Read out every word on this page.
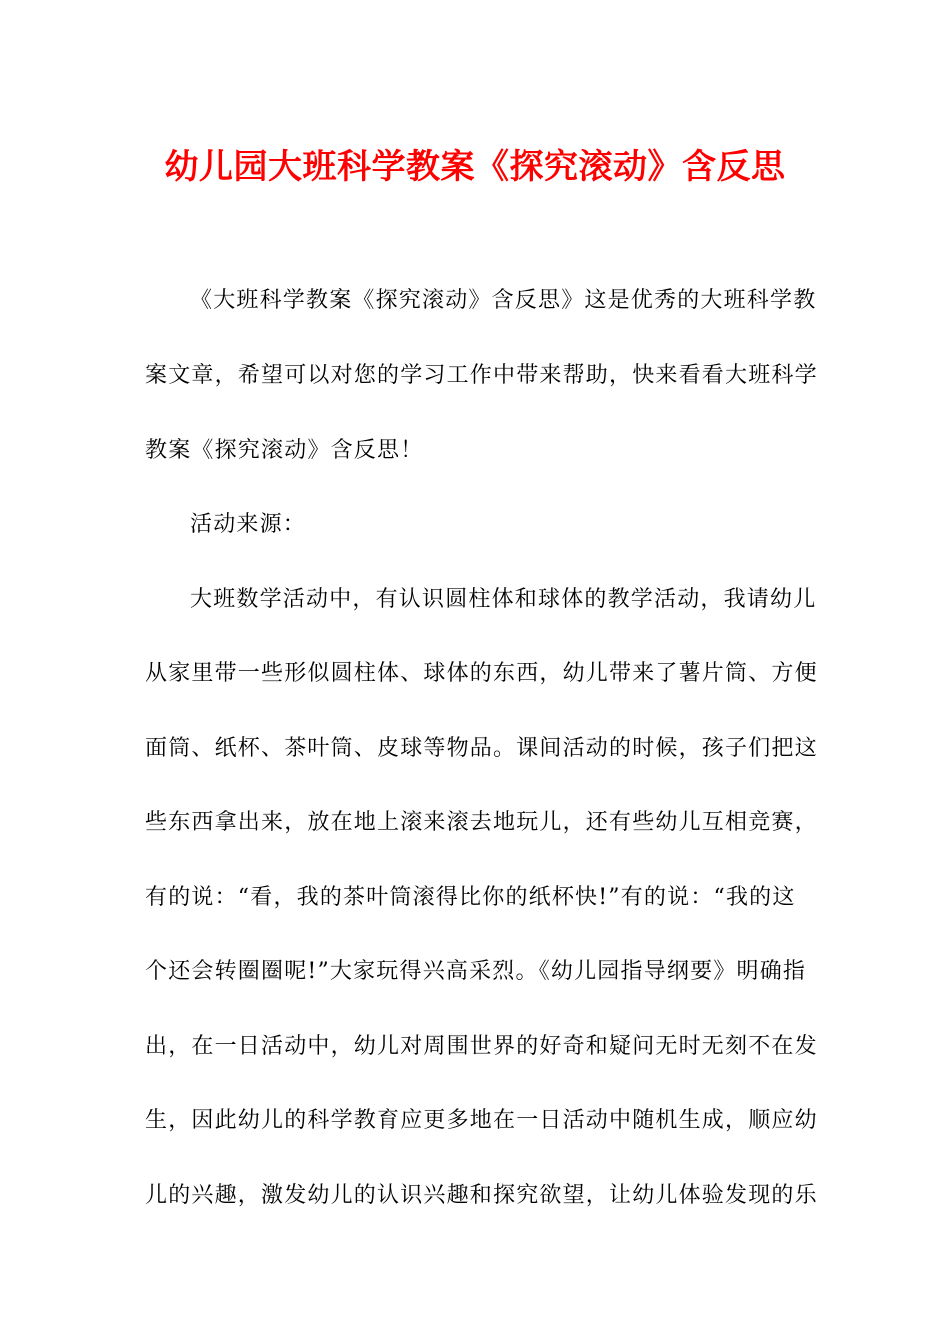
幼儿园大班科学教案《探究滚动》含反思

《大班科学教案《探究滚动》含反思》这是优秀的大班科学教

案文章，希望可以对您的学习工作中带来帮助，快来看看大班科学

教案《探究滚动》含反思！

活动来源：

大班数学活动中，有认识圆柱体和球体的教学活动，我请幼儿

从家里带一些形似圆柱体、球体的东西，幼儿带来了薯片筒、方便

面筒、纸杯、茶叶筒、皮球等物品。课间活动的时候，孩子们把这

些东西拿出来，放在地上滚来滚去地玩儿，还有些幼儿互相竞赛，

有的说：“看，我的茶叶筒滚得比你的纸杯快!”有的说：“我的这

个还会转圈圈呢!”大家玩得兴高采烈。《幼儿园指导纲要》明确指

出，在一日活动中，幼儿对周围世界的好奇和疑问无时无刻不在发

生，因此幼儿的科学教育应更多地在一日活动中随机生成，顺应幼

儿的兴趣，激发幼儿的认识兴趣和探究欲望，让幼儿体验发现的乐
